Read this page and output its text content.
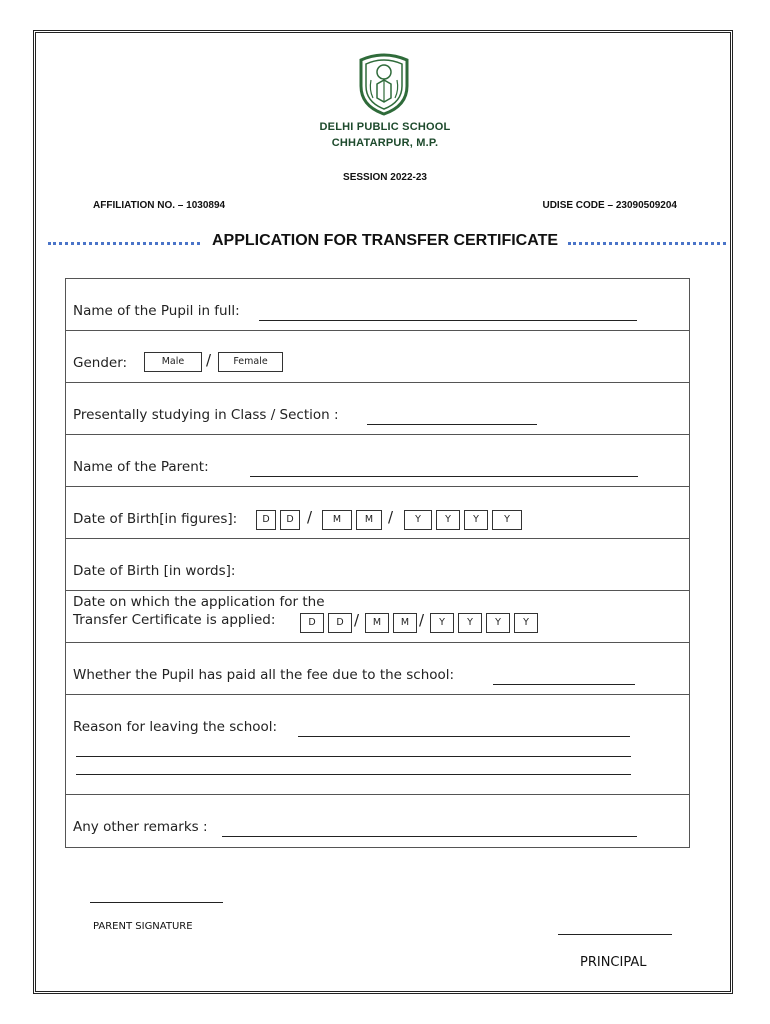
DELHI PUBLIC SCHOOL
CHHATARPUR, M.P.
SESSION 2022-23
AFFILIATION NO. – 1030894	UDISE CODE – 23090509204
APPLICATION FOR TRANSFER CERTIFICATE
Name of the Pupil in full:
Gender:	Male	/	Female
Presentally studying in Class / Section :
Name of the Parent:
Date of Birth[in figures]:	D	D /	M	M /	Y	Y	Y	Y
Date of Birth [in words]:
Date on which the application for the
Transfer Certificate is applied:	D	D /	M	M /	Y	Y	Y	Y
Whether the Pupil has paid all the fee due to the school:
Reason for leaving the school:
Any other remarks :
PARENT SIGNATURE
PRINCIPAL
